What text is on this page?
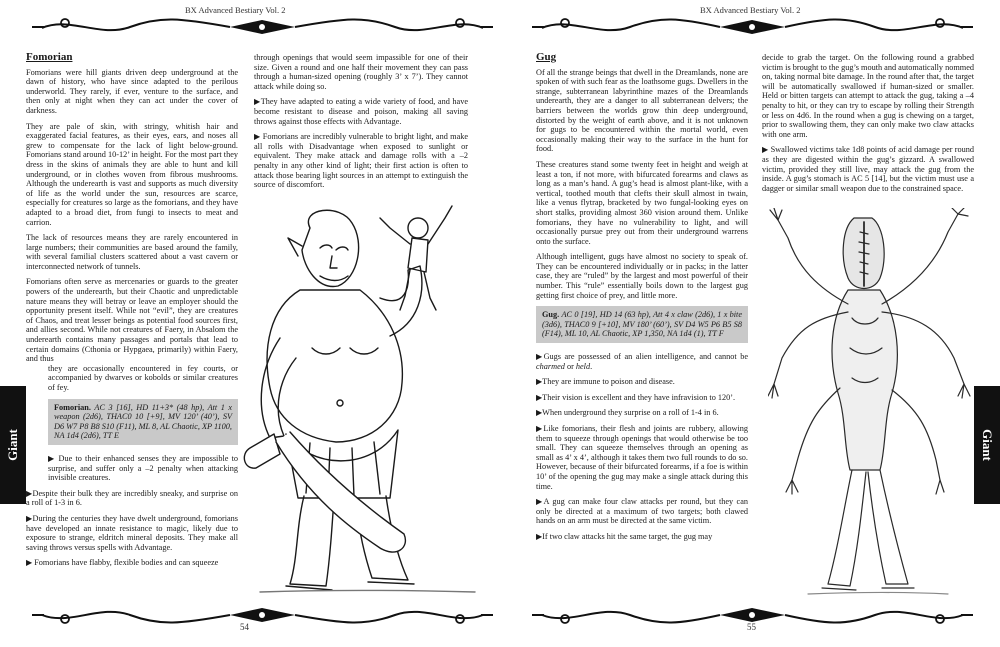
BX Advanced Bestiary Vol. 2
Fomorian

Fomorians were hill giants driven deep underground at the dawn of history, who have since adapted to the perilous underworld. They rarely, if ever, venture to the surface, and then only at night when they can act under the cover of darkness.

They are pale of skin, with stringy, whitish hair and exaggerated facial features, as their eyes, ears, and noses all grew to compensate for the lack of light below-ground. Fomorians stand around 10-12’ in height. For the most part they dress in the skins of animals they are able to hunt and kill underground, or in clothes woven from fibrous mushrooms. Although the underearth is vast and supports as much diversity of life as the world under the sun, resources are scarce, especially for creatures so large as the fomorians, and they have adapted to a broad diet, from fungi to insects to meat and carrion.

The lack of resources means they are rarely encountered in large numbers; their communities are based around the family, with several familial clusters scattered about a vast cavern or interconnected network of tunnels.

Fomorians often serve as mercenaries or guards to the greater powers of the underearth, but their Chaotic and unpredictable nature means they will betray or leave an employer should the opportunity present itself. While not “evil”, they are creatures of Chaos, and treat lesser beings as potential food sources first, and allies second. While not creatures of Faery, in Absalom the underearth contains many passages and portals that lead to certain domains (Cthonia or Hypgaea, primarily) within Faery, and thus

they are occasionally encountered in fey courts, or accompanied by dwarves or kobolds or similar creatures of fey.

Fomorian. AC 3 [16], HD 11+3* (48 hp), Att 1 x weapon (2d6), THAC0 10 [+9], MV 120’ (40’), SV D6 W7 P8 B8 S10 (F11), ML 8, AL Chaotic, XP 1100, NA 1d4 (2d6), TT E

▶ Due to their enhanced senses they are impossible to surprise, and suffer only a –2 penalty when attacking invisible creatures.

▶Despite their bulk they are incredibly sneaky, and surprise on a roll of 1-3 in 6.

▶During the centuries they have dwelt underground, fomorians have developed an innate resistance to magic, likely due to exposure to strange, eldritch mineral deposits. They make all saving throws versus spells with Advantage.

▶ Fomorians have flabby, flexible bodies and can squeeze

through openings that would seem impassible for one of their size. Given a round and one half their movement they can pass through a human-sized opening (roughly 3’ x 7’). They cannot attack while doing so.

▶They have adapted to eating a wide variety of food, and have become resistant to disease and poison, making all saving throws against those effects with Advantage.

▶ Fomorians are incredibly vulnerable to bright light, and make all rolls with Disadvantage when exposed to sunlight or equivalent. They make attack and damage rolls with a –2 penalty in any other kind of light; their first action is often to attack those bearing light sources in an attempt to extinguish the source of discomfort.

Giant
54
BX Advanced Bestiary Vol. 2
Gug

Of all the strange beings that dwell in the Dreamlands, none are spoken of with such fear as the loathsome gugs. Dwellers in the strange, subterranean labyrinthine mazes of the Dreamlands underearth, they are a danger to all subterranean delvers; the barriers between the worlds grow thin deep underground, distorted by the weight of earth above, and it is not unknown for gugs to be encountered within the mortal world, even occasionally making their way to the surface in the hunt for food.

These creatures stand some twenty feet in height and weigh at least a ton, if not more, with bifurcated forearms and claws as long as a man’s hand. A gug’s head is almost plant-like, with a vertical, toothed mouth that clefts their skull almost in twain, like a venus flytrap, bracketed by two fungal-looking eyes on short stalks, providing almost 360 vision around them. Unlike fomorians, they have no vulnerability to light, and will occasionally pursue prey out from their underground warrens onto the surface.

Although intelligent, gugs have almost no society to speak of. They can be encountered individually or in packs; in the latter case, they are “ruled” by the largest and most powerful of their number. This “rule” essentially boils down to the largest gug getting first choice of prey, and little more.

Gug. AC 0 [19], HD 14 (63 hp), Att 4 x claw (2d6), 1 x bite (3d6), THAC0 9 [+10], MV 180’ (60’), SV D4 W5 P6 B5 S8 (F14), ML 10, AL Chaotic, XP 1,350, NA 1d4 (1), TT F

▶Gugs are possessed of an alien intelligence, and cannot be charmed or held.

▶They are immune to poison and disease.

▶Their vision is excellent and they have infravision to 120’.

▶When underground they surprise on a roll of 1-4 in 6.

▶Like fomorians, their flesh and joints are rubbery, allowing them to squeeze through openings that would otherwise be too small. They can squeeze themselves through an opening as small as 4’ x 4’, although it takes them two full rounds to do so. However, because of their bifurcated forearms, if a foe is within 10’ of the opening the gug may make a single attack during this time.

▶A gug can make four claw attacks per round, but they can only be directed at a maximum of two targets; both clawed hands on an arm must be directed at the same victim.

▶If two claw attacks hit the same target, the gug may

decide to grab the target. On the following round a grabbed victim is brought to the gug’s mouth and automatically nommed on, taking normal bite damage. In the round after that, the target will be automatically swallowed if human-sized or smaller. Held or bitten targets can attempt to attack the gug, taking a –4 penalty to hit, or they can try to escape by rolling their Strength or less on 4d6. In the round when a gug is chewing on a target, prior to swallowing them, they can only make two claw attacks with one arm.

▶ Swallowed victims take 1d8 points of acid damage per round as they are digested within the gug’s gizzard. A swallowed victim, provided they still live, may attack the gug from the inside. A gug’s stomach is AC 5 [14], but the victim must use a dagger or similar small weapon due to the constrained space.

Giant
55
